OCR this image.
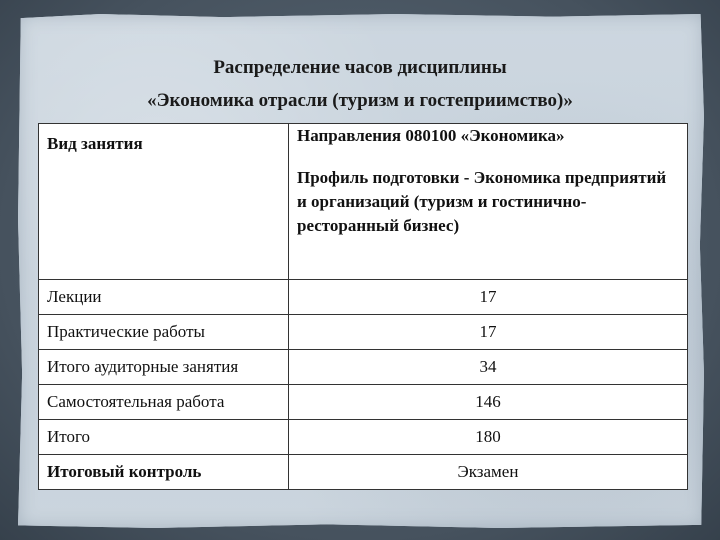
Распределение часов дисциплины
«Экономика отрасли (туризм и гостеприимство)»
Вид занятия	Направления 080100 «Экономика»
Профиль подготовки - Экономика предприятий и организаций (туризм и гостинично-ресторанный бизнес)

Лекции	17
Практические работы	17
Итого аудиторные занятия	34
Самостоятельная работа	146
Итого	180
Итоговый контроль	Экзамен
